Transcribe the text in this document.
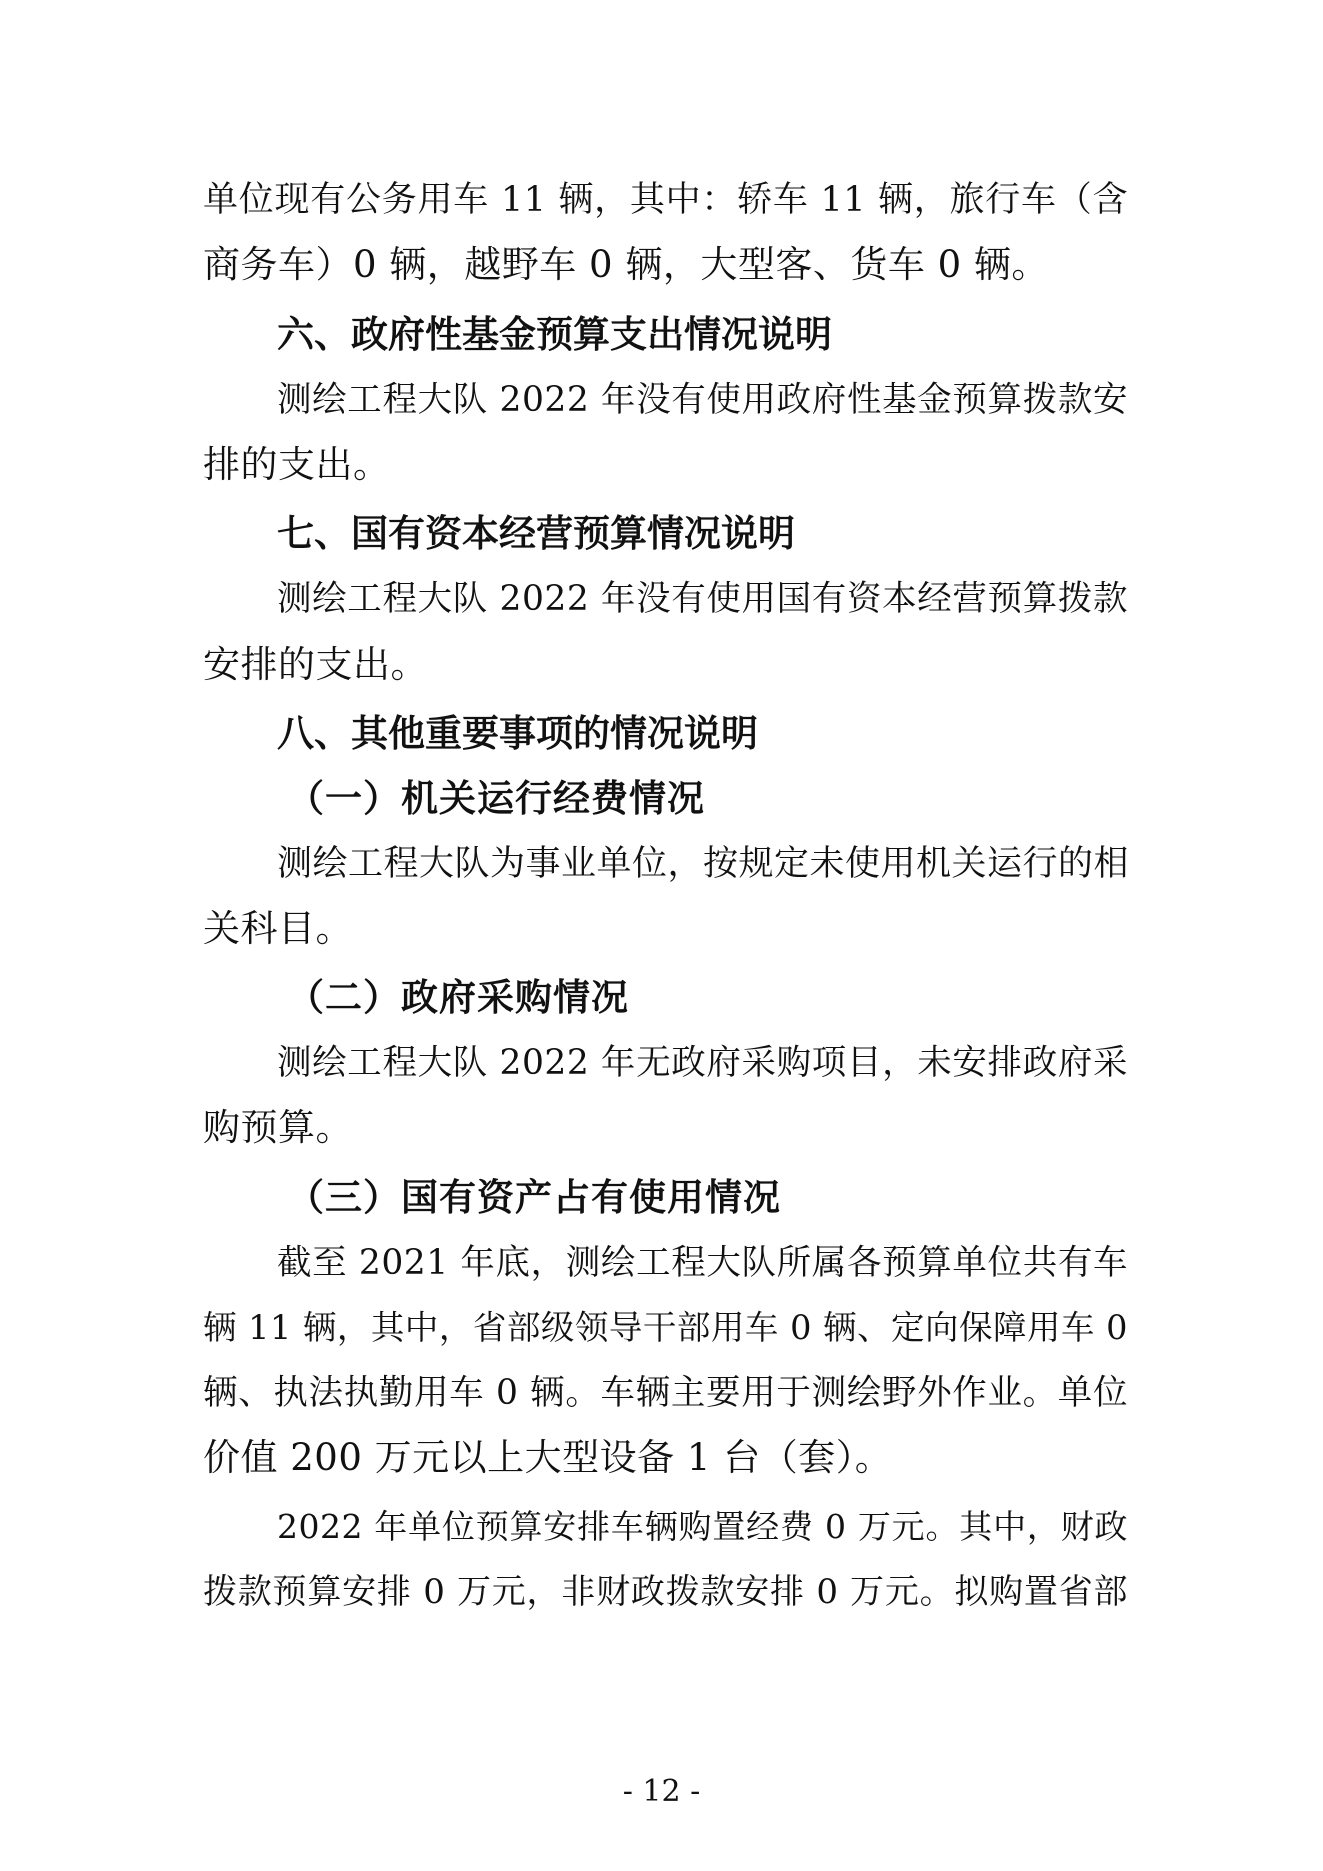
单位现有公务用车 11 辆，其中：轿车 11 辆，旅行车（含
商务车）0 辆，越野车 0 辆，大型客、货车 0 辆。
六、政府性基金预算支出情况说明
测绘工程大队 2022 年没有使用政府性基金预算拨款安
排的支出。
七、国有资本经营预算情况说明
测绘工程大队 2022 年没有使用国有资本经营预算拨款
安排的支出。
八、其他重要事项的情况说明
（一）机关运行经费情况
测绘工程大队为事业单位，按规定未使用机关运行的相
关科目。
（二）政府采购情况
测绘工程大队 2022 年无政府采购项目，未安排政府采
购预算。
（三）国有资产占有使用情况
截至 2021 年底，测绘工程大队所属各预算单位共有车
辆 11 辆，其中，省部级领导干部用车 0 辆、定向保障用车 0
辆、执法执勤用车 0 辆。车辆主要用于测绘野外作业。单位
价值 200 万元以上大型设备 1 台（套）。
2022 年单位预算安排车辆购置经费 0 万元。其中，财政
拨款预算安排 0 万元，非财政拨款安排 0 万元。拟购置省部
- 12 -
